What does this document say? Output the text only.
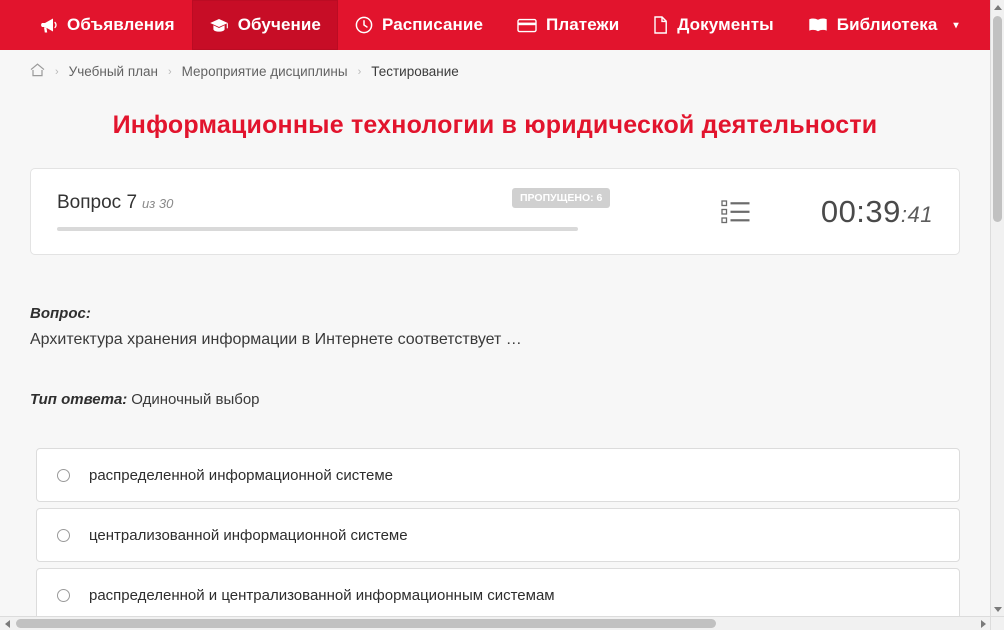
Объявления	Обучение	Расписание	Платежи	Документы	Библиотека ▾
› Учебный план › Мероприятие дисциплины › Тестирование
Информационные технологии в юридической деятельности
Вопрос 7 из 30	ПРОПУЩЕНО: 6	00:39:41
Вопрос:
Архитектура хранения информации в Интернете соответствует …
Тип ответа: Одиночный выбор
распределенной информационной системе
централизованной информационной системе
распределенной и централизованной информационным системам
